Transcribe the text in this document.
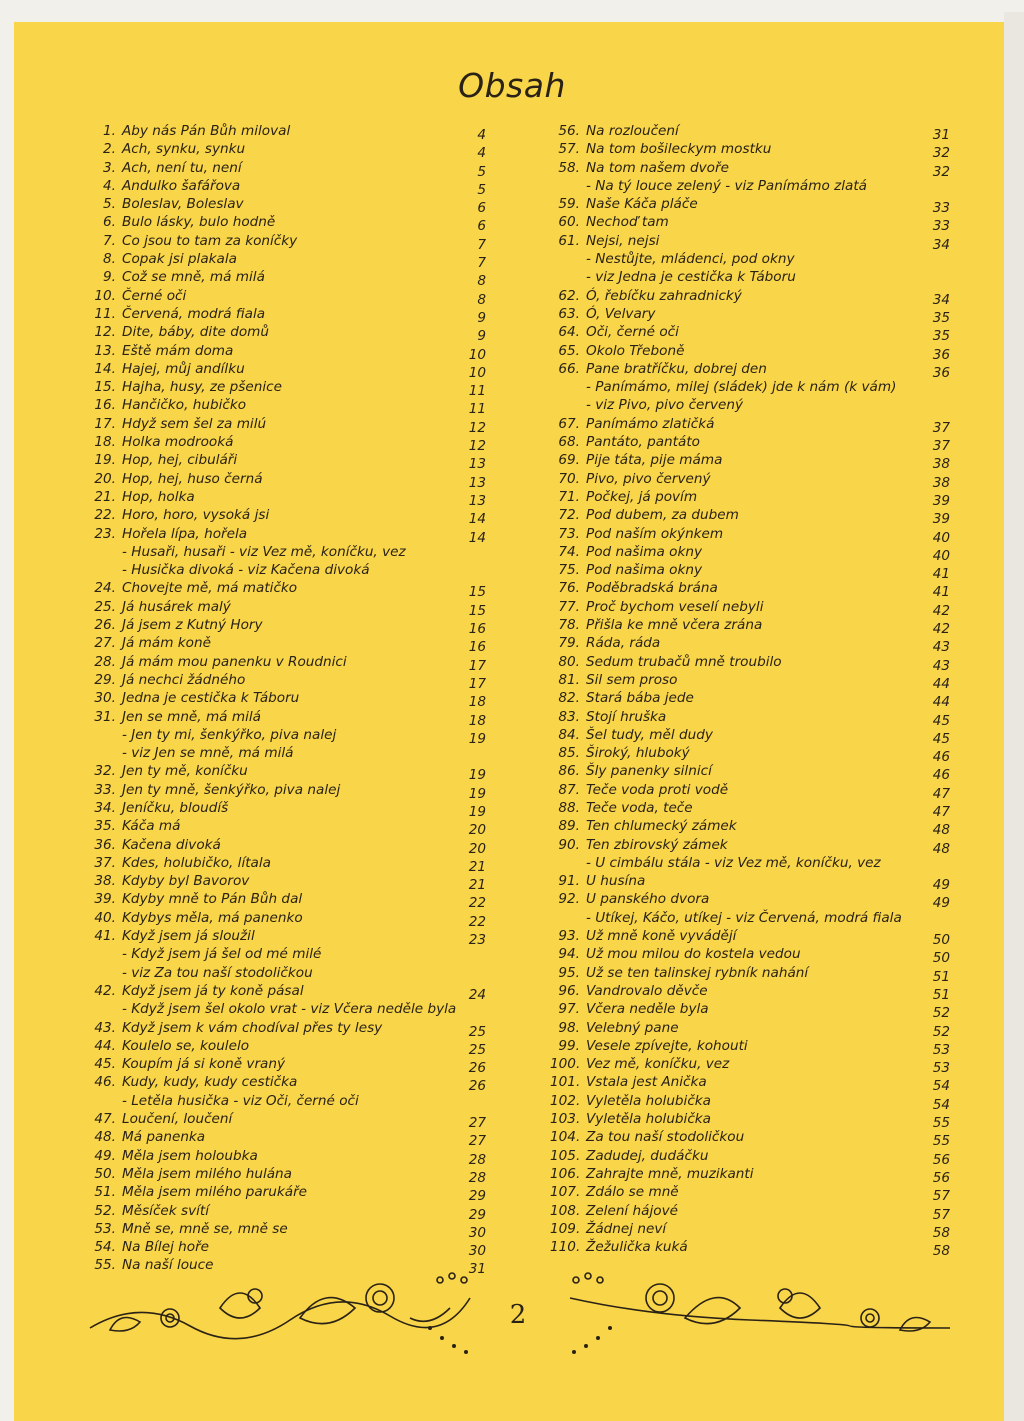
Obsah
1. Aby nás Pán Bůh miloval	4
2. Ach, synku, synku	4
3. Ach, není tu, není	5
4. Andulko šafářova	5
5. Boleslav, Boleslav	6
6. Bulo lásky, bulo hodně	6
7. Co jsou to tam za koníčky	7
8. Copak jsi plakala	7
9. Což se mně, má milá	8
10. Černé oči	8
11. Červená, modrá fiala	9
12. Dite, báby, dite domů	9
13. Eště mám doma	10
14. Hajej, můj andílku	10
15. Hajha, husy, ze pšenice	11
16. Hančičko, hubičko	11
17. Hdyž sem šel za milú	12
18. Holka modrooká	12
19. Hop, hej, cibuláři	13
20. Hop, hej, huso černá	13
21. Hop, holka	13
22. Horo, horo, vysoká jsi	14
23. Hořela lípa, hořela	14
- Husaři, husaři - viz Vez mě, koníčku, vez
- Husička divoká - viz Kačena divoká
24. Chovejte mě, má matičko	15
25. Já husárek malý	15
26. Já jsem z Kutný Hory	16
27. Já mám koně	16
28. Já mám mou panenku v Roudnici	17
29. Já nechci žádného	17
30. Jedna je cestička k Táboru	18
31. Jen se mně, má milá	18
- Jen ty mi, šenkýřko, piva nalej	19
- viz Jen se mně, má milá
32. Jen ty mě, koníčku	19
33. Jen ty mně, šenkýřko, piva nalej	19
34. Jeníčku, bloudíš	19
35. Káča má	20
36. Kačena divoká	20
37. Kdes, holubičko, lítala	21
38. Kdyby byl Bavorov	21
39. Kdyby mně to Pán Bůh dal	22
40. Kdybys měla, má panenko	22
41. Když jsem já sloužil	23
- Když jsem já šel od mé milé
- viz Za tou naší stodoličkou
42. Když jsem já ty koně pásal	24
- Když jsem šel okolo vrat - viz Včera neděle byla
43. Když jsem k vám chodíval přes ty lesy	25
44. Koulelo se, koulelo	25
45. Koupím já si koně vraný	26
46. Kudy, kudy, kudy cestička	26
- Letěla husička - viz Oči, černé oči
47. Loučení, loučení	27
48. Má panenka	27
49. Měla jsem holoubka	28
50. Měla jsem milého hulána	28
51. Měla jsem milého parukáře	29
52. Měsíček svítí	29
53. Mně se, mně se, mně se	30
54. Na Bílej hoře	30
55. Na naší louce	31
56. Na rozloučení	31
57. Na tom bošileckym mostku	32
58. Na tom našem dvoře	32
- Na tý louce zelený - viz Panímámo zlatá
59. Naše Káča pláče	33
60. Nechoď tam	33
61. Nejsi, nejsi	34
- Nestůjte, mládenci, pod okny
- viz Jedna je cestička k Táboru
62. Ó, řebíčku zahradnický	34
63. Ó, Velvary	35
64. Oči, černé oči	35
65. Okolo Třeboně	36
66. Pane bratříčku, dobrej den	36
- Panímámo, milej (sládek) jde k nám (k vám)
- viz Pivo, pivo červený
67. Panímámo zlatičká	37
68. Pantáto, pantáto	37
69. Pije táta, pije máma	38
70. Pivo, pivo červený	38
71. Počkej, já povím	39
72. Pod dubem, za dubem	39
73. Pod naším okýnkem	40
74. Pod našima okny	40
75. Pod našima okny	41
76. Poděbradská brána	41
77. Proč bychom veselí nebyli	42
78. Přišla ke mně včera zrána	42
79. Ráda, ráda	43
80. Sedum trubačů mně troubilo	43
81. Sil sem proso	44
82. Stará bába jede	44
83. Stojí hruška	45
84. Šel tudy, měl dudy	45
85. Široký, hluboký	46
86. Šly panenky silnicí	46
87. Teče voda proti vodě	47
88. Teče voda, teče	47
89. Ten chlumecký zámek	48
90. Ten zbirovský zámek	48
- U cimbálu stála - viz Vez mě, koníčku, vez
91. U husína	49
92. U panského dvora	49
- Utíkej, Káčo, utíkej - viz Červená, modrá fiala
93. Už mně koně vyvádějí	50
94. Už mou milou do kostela vedou	50
95. Už se ten talinskej rybník nahání	51
96. Vandrovalo děvče	51
97. Včera neděle byla	52
98. Velebný pane	52
99. Vesele zpívejte, kohouti	53
100. Vez mě, koníčku, vez	53
101. Vstala jest Anička	54
102. Vyletěla holubička	54
103. Vyletěla holubička	55
104. Za tou naší stodoličkou	55
105. Zadudej, dudáčku	56
106. Zahrajte mně, muzikanti	56
107. Zdálo se mně	57
108. Zelení hájové	57
109. Žádnej neví	58
110. Žežulička kuká	58
2
